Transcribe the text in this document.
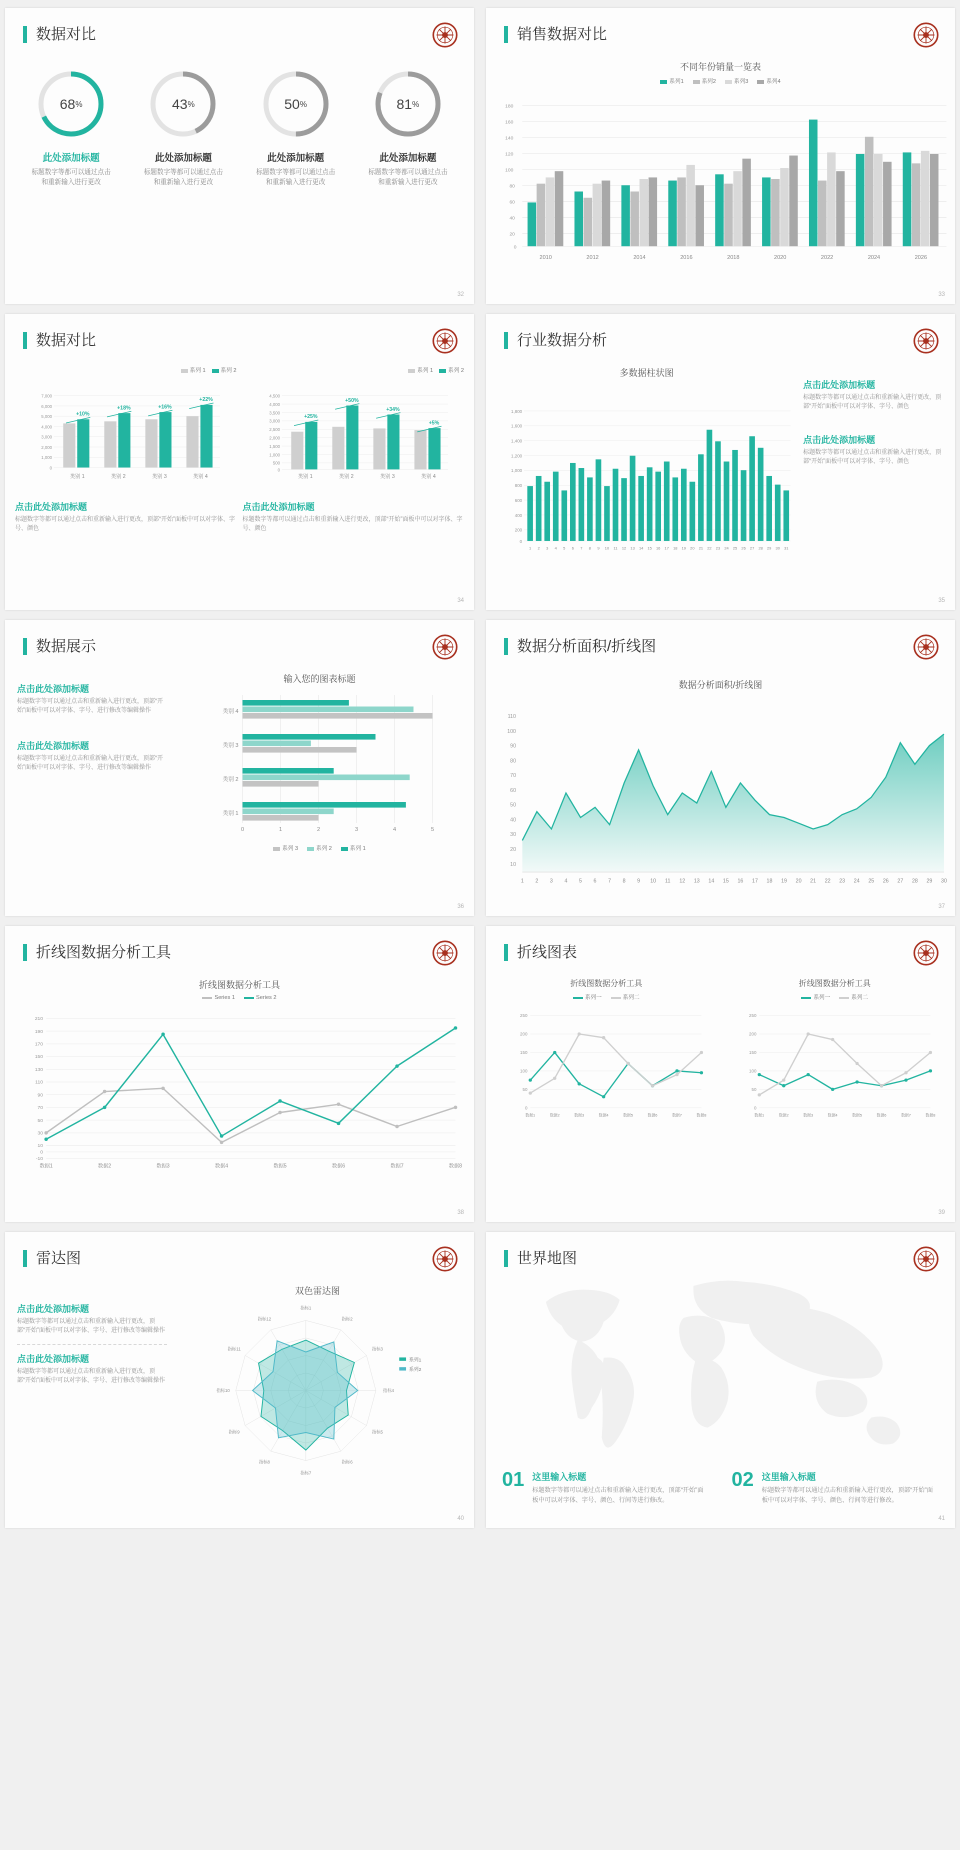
数据对比
68 %
此处添加标题
标题数字等都可以通过点击和重新输入进行更改
43 %
此处添加标题
标题数字等都可以通过点击和重新输入进行更改
50 %
此处添加标题
标题数字等都可以通过点击和重新输入进行更改
81 %
此处添加标题
标题数字等都可以通过点击和重新输入进行更改
32
销售数据对比
不同年份销量一览表
系列1	系列2	系列3	系列4
180
160
140
120
100
80
60
40
20
0
2010	2012	2014	2016	2018	2020	2022	2024	2026
33
数据对比
系列 1	系列 2
7,000
6,000
5,000
4,000
3,000
2,000
1,000
0
类别 1	类别 2	类别 3	类别 4
+10%
+18%	+16%
+22%
点击此处添加标题
标题数字等都可以通过点击和重新输入进行更改，顶部“开始”面板中可以对字体、字号、颜色
系列 1	系列 2
4,500
4,000
3,500
3,000
2,500
2,000
1,500
1,000
500
0
类别 1	类别 2	类别 3	类别 4
+25%
+50%
+34%
+5%
点击此处添加标题
标题数字等都可以通过点击和重新输入进行更改，顶部“开始”面板中可以对字体、字号、颜色
34
行业数据分析
多数据柱状图
1,800
1,600
1,400
1,200
1,000
800
600
400
200
0
1 2 3 4 5 6 7 8 9 10 11 12 13 14 15 16 17 18 19 20 21 22 23 24 25 26 27 28 29 30 31
点击此处添加标题
标题数字等都可以通过点击和重新输入进行更改，顶部“开始”面板中可以对字体、字号、颜色
点击此处添加标题
标题数字等都可以通过点击和重新输入进行更改，顶部“开始”面板中可以对字体、字号、颜色
35
数据展示
点击此处添加标题
标题数字等可以通过点击和重新输入进行更改，顶部“开始”面板中可以对字体、字号、进行修改等编辑操作
点击此处添加标题
标题数字等可以通过点击和重新输入进行更改，顶部“开始”面板中可以对字体、字号、进行修改等编辑操作
输入您的图表标题
类别 4
类别 3
类别 2
类别 1
0	1	2	3	4	5
系列 3	系列 2	系列 1
36
数据分析面积/折线图
数据分析面积/折线图
110
100
90
80
70
60
50
40
30
20
10
1 2 3 4 5 6 7 8 9 10 11 12 13 14 15 16 17 18 19 20 21 22 23 24 25 26 27 28 29 30
37
折线图数据分析工具
折线图数据分析工具
Series 1	Series 2
-10
0
10
30
50
70
90
110
130
150
170
190
210
数据1	数据2	数据3	数据4	数据5	数据6	数据7	数据8
38
折线图表
折线图数据分析工具
系列一	系列二
0
50
100
150
200
250
数据1	数据2	数据3	数据4	数据5	数据6	数据7	数据8
折线图数据分析工具
系列一	系列二
0
50
100
150
200
250
数据1	数据2	数据3	数据4	数据5	数据6	数据7	数据8
39
雷达图
点击此处添加标题
标题数字等都可以通过点击和重新输入进行更改，顶部“开始”面板中可以对字体、字号、进行修改等编辑操作
点击此处添加标题
标题数字等都可以通过点击和重新输入进行更改，顶部“开始”面板中可以对字体、字号、进行修改等编辑操作
双色雷达图
指标1
指标2
指标3
指标4
指标5
指标6
指标7
指标8
指标9
指标10
指标11
指标12
系列1
系列2
40
世界地图
01 这里输入标题
标题数字等都可以通过点击和重新输入进行更改，顶部“开始”面板中可以对字体、字号、颜色、行间等进行修改。
02 这里输入标题
标题数字等都可以通过点击和重新输入进行更改，顶部“开始”面板中可以对字体、字号、颜色、行间等进行修改。
41
